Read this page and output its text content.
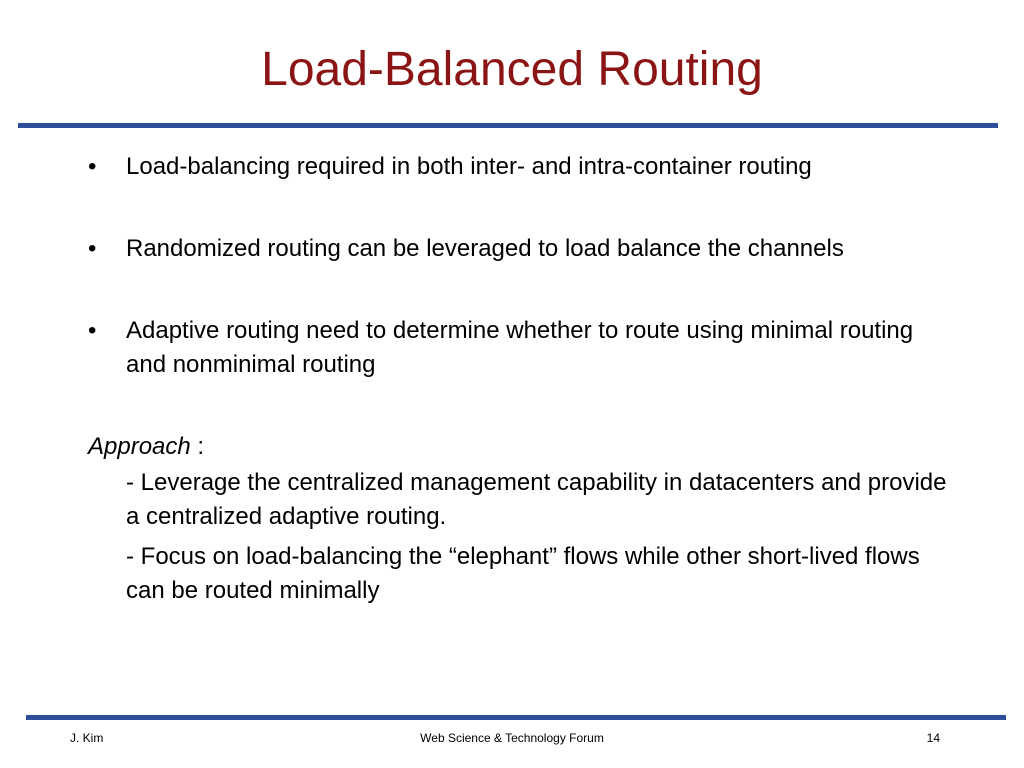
Load-Balanced Routing
• Load-balancing required in both inter- and intra-container routing
• Randomized routing can be leveraged to load balance the channels
• Adaptive routing need to determine whether to route using minimal routing and nonminimal routing
Approach :
- Leverage the centralized management capability in datacenters and provide a centralized adaptive routing.
- Focus on load-balancing the “elephant” flows while other short-lived flows can be routed minimally
J. Kim	Web Science & Technology Forum	14
